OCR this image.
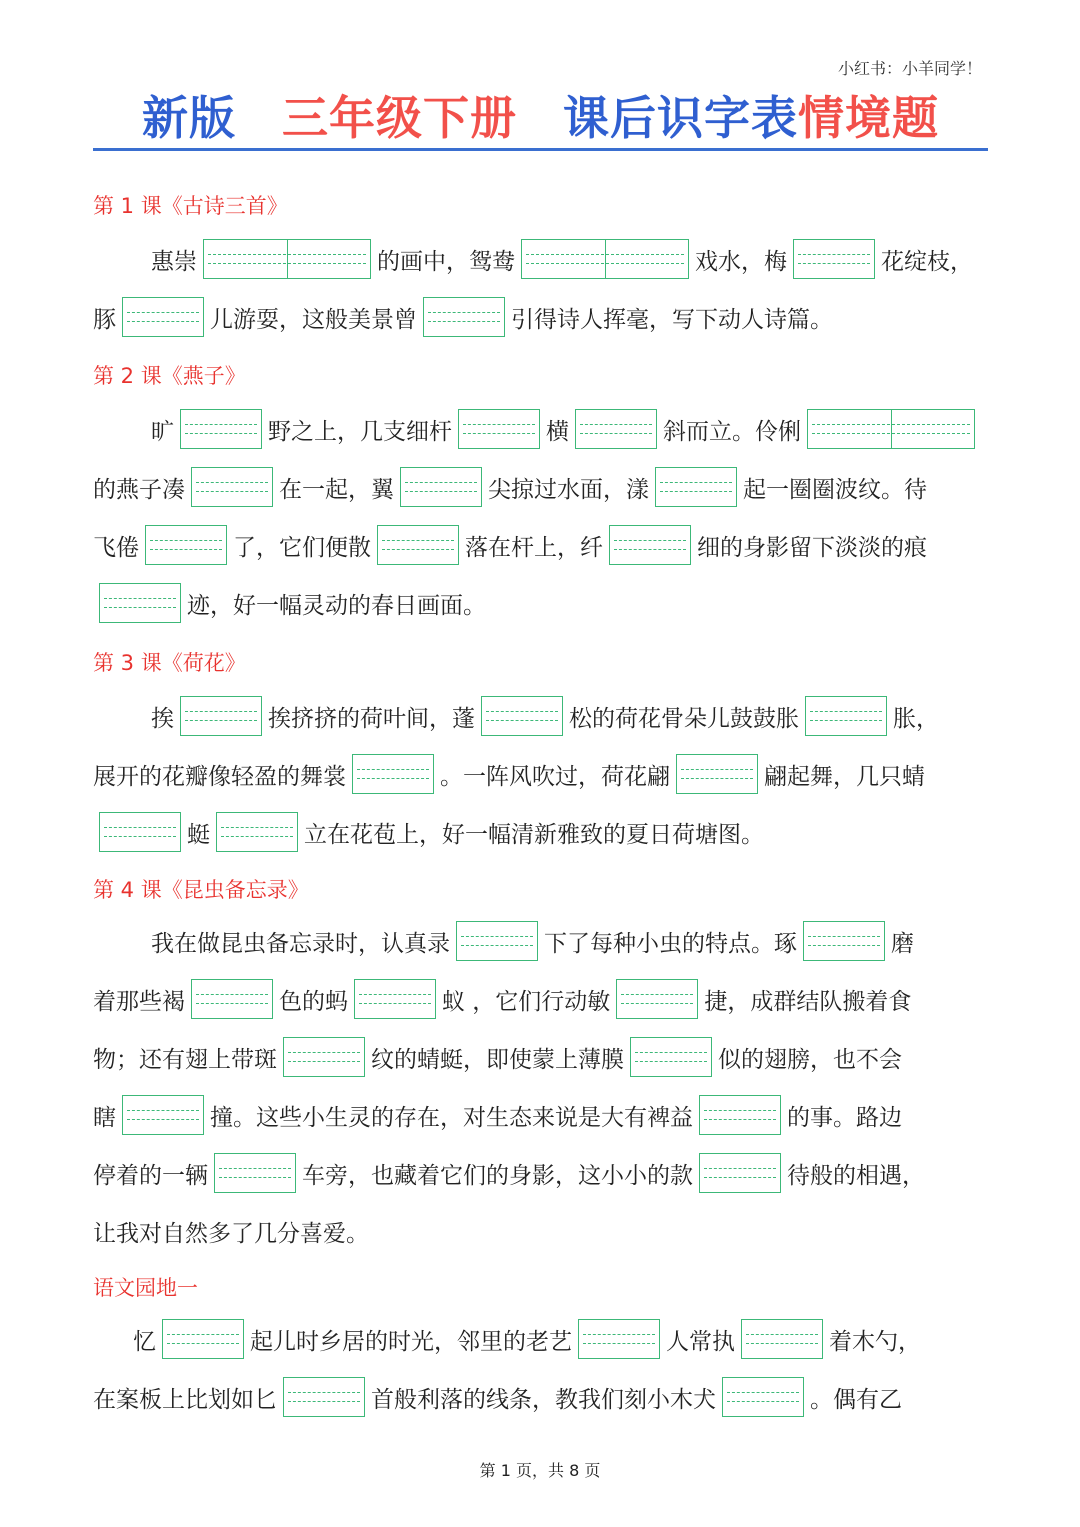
小红书：小羊同学！
新版 三年级下册 课后识字表情境题
第 1 课《古诗三首》
惠崇	的画中，鸳鸯	戏水，梅	花绽枝，
豚	儿游耍，这般美景曾	引得诗人挥毫，写下动人诗篇。
第 2 课《燕子》
旷	野之上，几支细杆	横	斜而立。伶俐
的燕子凑	在一起，翼	尖掠过水面，漾	起一圈圈波纹。待
飞倦	了，它们便散	落在杆上，纤	细的身影留下淡淡的痕
迹，好一幅灵动的春日画面。
第 3 课《荷花》
挨	挨挤挤的荷叶间，蓬	松的荷花骨朵儿鼓鼓胀	胀，
展开的花瓣像轻盈的舞裳	。一阵风吹过，荷花翩	翩起舞，几只蜻
蜓	立在花苞上，好一幅清新雅致的夏日荷塘图。
第 4 课《昆虫备忘录》
我在做昆虫备忘录时，认真录	下了每种小虫的特点。琢	磨
着那些褐	色的蚂	蚁 ，它们行动敏	捷，成群结队搬着食
物；还有翅上带斑	纹的蜻蜓，即使蒙上薄膜	似的翅膀，也不会
瞎	撞。这些小生灵的存在，对生态来说是大有裨益	的事。路边
停着的一辆	车旁，也藏着它们的身影，这小小的款	待般的相遇，
让我对自然多了几分喜爱。
语文园地一
忆	起儿时乡居的时光，邻里的老艺	人常执	着木勺，
在案板上比划如匕	首般利落的线条，教我们刻小木犬	。偶有乙
第 1 页，共 8 页
